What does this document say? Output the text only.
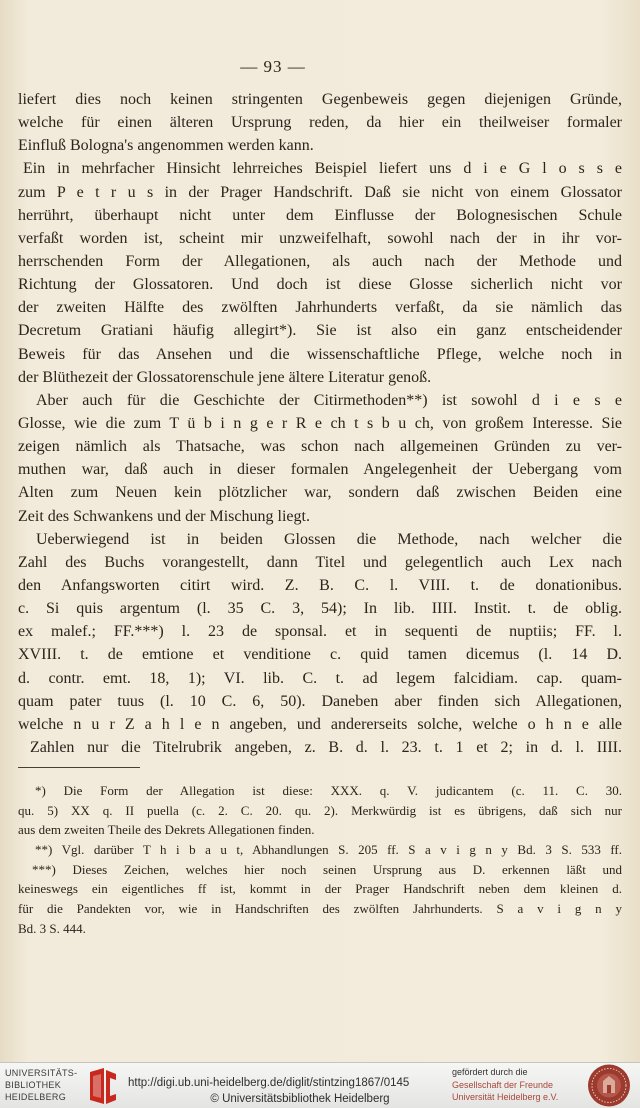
— 93 —
liefert dies noch keinen stringenten Gegenbeweis gegen diejenigen Gründe,
welche für einen älteren Ursprung reden, da hier ein theilweiser formaler
Einfluß Bologna's angenommen werden kann.
Ein in mehrfacher Hinsicht lehrreiches Beispiel liefert uns d i e G l o s s e
zum P e t r u s in der Prager Handschrift. Daß sie nicht von einem Glossator
herrührt, überhaupt nicht unter dem Einflusse der Bolognesischen Schule
verfaßt worden ist, scheint mir unzweifelhaft, sowohl nach der in ihr vor-
herrschenden Form der Allegationen, als auch nach der Methode und
Richtung der Glossatoren. Und doch ist diese Glosse sicherlich nicht vor
der zweiten Hälfte des zwölften Jahrhunderts verfaßt, da sie nämlich das
Decretum Gratiani häufig allegirt*). Sie ist also ein ganz entscheidender
Beweis für das Ansehen und die wissenschaftliche Pflege, welche noch in
der Blüthezeit der Glossatorenschule jene ältere Literatur genoß.
Aber auch für die Geschichte der Citirmethoden**) ist sowohl d i e s e
Glosse, wie die zum T ü b i n g e r R e ch t s b u ch, von großem Interesse. Sie
zeigen nämlich als Thatsache, was schon nach allgemeinen Gründen zu ver-
muthen war, daß auch in dieser formalen Angelegenheit der Uebergang vom
Alten zum Neuen kein plötzlicher war, sondern daß zwischen Beiden eine
Zeit des Schwankens und der Mischung liegt.
Ueberwiegend ist in beiden Glossen die Methode, nach welcher die
Zahl des Buchs vorangestellt, dann Titel und gelegentlich auch Lex nach
den Anfangsworten citirt wird. Z. B. C. l. VIII. t. de donationibus.
c. Si quis argentum (l. 35 C. 3, 54); In lib. IIII. Instit. t. de oblig.
ex malef.; FF.***) l. 23 de sponsal. et in sequenti de nuptiis; FF. l.
XVIII. t. de emtione et venditione c. quid tamen dicemus (l. 14 D.
d. contr. emt. 18, 1); VI. lib. C. t. ad legem falcidiam. cap. quam-
quam pater tuus (l. 10 C. 6, 50). Daneben aber finden sich Allegationen,
welche n u r Z a h l e n angeben, und andererseits solche, welche o h n e alle
Zahlen nur die Titelrubrik angeben, z. B. d. l. 23. t. 1 et 2; in d. l. IIII.
*) Die Form der Allegation ist diese: XXX. q. V. judicantem (c. 11. C. 30.
qu. 5) XX q. II puella (c. 2. C. 20. qu. 2). Merkwürdig ist es übrigens, daß sich nur
aus dem zweiten Theile des Dekrets Allegationen finden.
**) Vgl. darüber T h i b a u t, Abhandlungen S. 205 ff. S a v i g n y Bd. 3 S. 533 ff.
***) Dieses Zeichen, welches hier noch seinen Ursprung aus D. erkennen läßt und
keineswegs ein eigentliches ff ist, kommt in der Prager Handschrift neben dem kleinen d.
für die Pandekten vor, wie in Handschriften des zwölften Jahrhunderts. S a v i g n y
Bd. 3 S. 444.
UNIVERSITÄTS-
BIBLIOTHEK
HEIDELBERG
http://digi.ub.uni-heidelberg.de/diglit/stintzing1867/0145
© Universitätsbibliothek Heidelberg
gefördert durch die
Gesellschaft der Freunde
Universität Heidelberg e.V.
